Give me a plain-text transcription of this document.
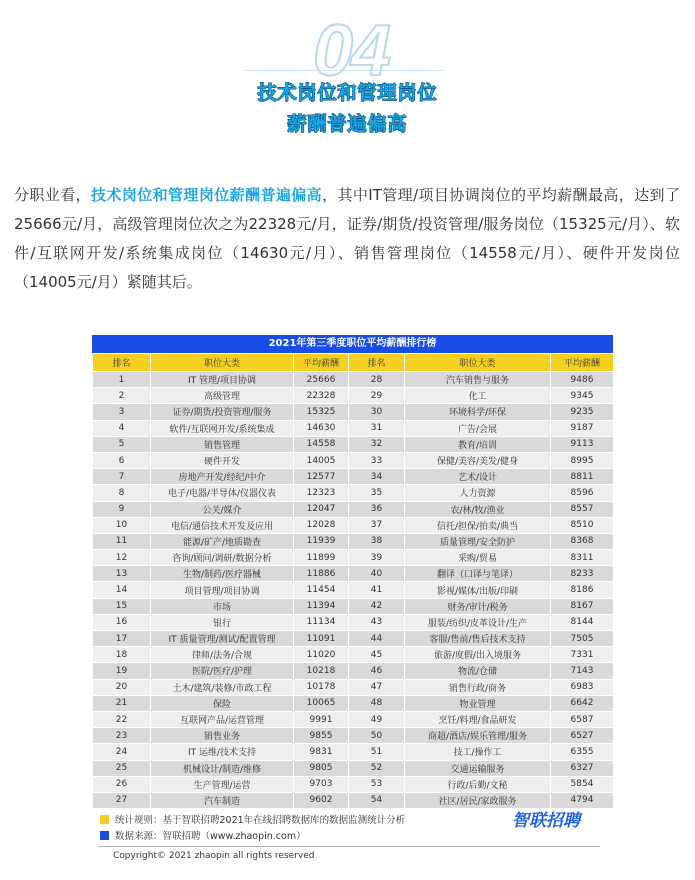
04
技术岗位和管理岗位
薪酬普遍偏高
分职业看，技术岗位和管理岗位薪酬普遍偏高，其中IT管理/项目协调岗位的平均薪酬最高，达到了25666元/月，高级管理岗位次之为22328元/月，证券/期货/投资管理/服务岗位（15325元/月）、软件/互联网开发/系统集成岗位（14630元/月）、销售管理岗位（14558元/月）、硬件开发岗位（14005元/月）紧随其后。
2021年第三季度职位平均薪酬排行榜
排名	职位大类	平均薪酬	排名	职位大类	平均薪酬
1	IT 管理/项目协调	25666	28	汽车销售与服务	9486
2	高级管理	22328	29	化工	9345
3	证券/期货/投资管理/服务	15325	30	环境科学/环保	9235
4	软件/互联网开发/系统集成	14630	31	广告/会展	9187
5	销售管理	14558	32	教育/培训	9113
6	硬件开发	14005	33	保健/美容/美发/健身	8995
7	房地产开发/经纪/中介	12577	34	艺术/设计	8811
8	电子/电器/半导体/仪器仪表	12323	35	人力资源	8596
9	公关/媒介	12047	36	农/林/牧/渔业	8557
10	电信/通信技术开发及应用	12028	37	信托/担保/拍卖/典当	8510
11	能源/矿产/地质勘查	11939	38	质量管理/安全防护	8368
12	咨询/顾问/调研/数据分析	11899	39	采购/贸易	8311
13	生物/制药/医疗器械	11886	40	翻译（口译与笔译）	8233
14	项目管理/项目协调	11454	41	影视/媒体/出版/印刷	8186
15	市场	11394	42	财务/审计/税务	8167
16	银行	11134	43	服装/纺织/皮革设计/生产	8144
17	IT 质量管理/测试/配置管理	11091	44	客服/售前/售后技术支持	7505
18	律师/法务/合规	11020	45	旅游/度假/出入境服务	7331
19	医院/医疗/护理	10218	46	物流/仓储	7143
20	土木/建筑/装修/市政工程	10178	47	销售行政/商务	6983
21	保险	10065	48	物业管理	6642
22	互联网产品/运营管理	9991	49	烹饪/料理/食品研发	6587
23	销售业务	9855	50	商超/酒店/娱乐管理/服务	6527
24	IT 运维/技术支持	9831	51	技工/操作工	6355
25	机械设计/制造/维修	9805	52	交通运输服务	6327
26	生产管理/运营	9703	53	行政/后勤/文秘	5854
27	汽车制造	9602	54	社区/居民/家政服务	4794
统计规则：基于智联招聘2021年在线招聘数据库的数据监测统计分析
数据来源：智联招聘（www.zhaopin.com）
智联招聘
Copyright© 2021 zhaopin all rights reserved
